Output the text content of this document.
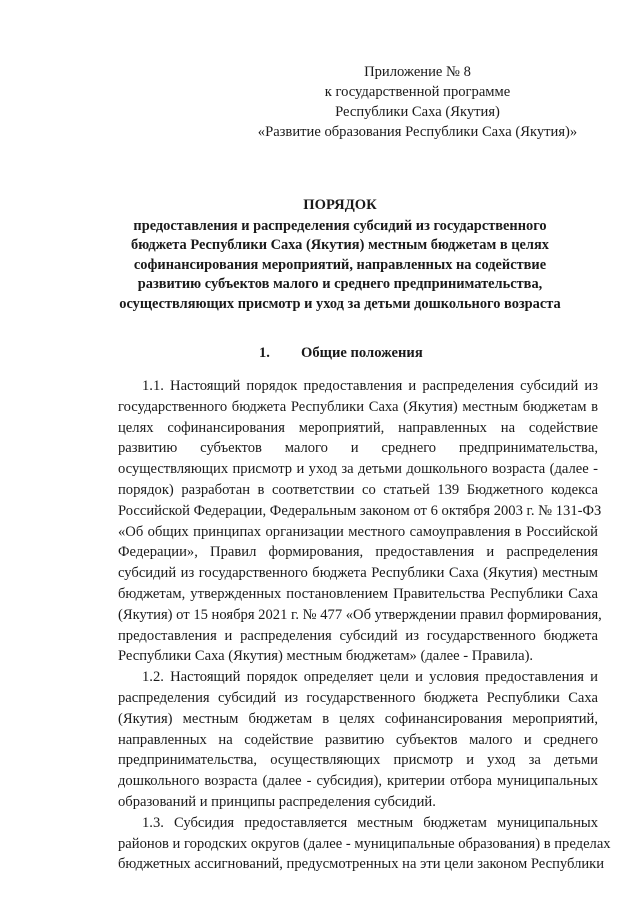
Приложение № 8
к государственной программе
Республики Саха (Якутия)
«Развитие образования Республики Саха (Якутия)»
ПОРЯДОК
предоставления и распределения субсидий из государственного
бюджета Республики Саха (Якутия) местным бюджетам в целях
софинансирования мероприятий, направленных на содействие
развитию субъектов малого и среднего предпринимательства,
осуществляющих присмотр и уход за детьми дошкольного возраста
1. Общие положения
1.1. Настоящий порядок предоставления и распределения субсидий из
государственного бюджета Республики Саха (Якутия) местным бюджетам в
целях софинансирования мероприятий, направленных на содействие
развитию субъектов малого и среднего предпринимательства,
осуществляющих присмотр и уход за детьми дошкольного возраста (далее -
порядок) разработан в соответствии со статьей 139 Бюджетного кодекса
Российской Федерации, Федеральным законом от 6 октября 2003 г. № 131-ФЗ
«Об общих принципах организации местного самоуправления в Российской
Федерации», Правил формирования, предоставления и распределения
субсидий из государственного бюджета Республики Саха (Якутия) местным
бюджетам, утвержденных постановлением Правительства Республики Саха
(Якутия) от 15 ноября 2021 г. № 477 «Об утверждении правил формирования,
предоставления и распределения субсидий из государственного бюджета
Республики Саха (Якутия) местным бюджетам» (далее - Правила).
1.2. Настоящий порядок определяет цели и условия предоставления и
распределения субсидий из государственного бюджета Республики Саха
(Якутия) местным бюджетам в целях софинансирования мероприятий,
направленных на содействие развитию субъектов малого и среднего
предпринимательства, осуществляющих присмотр и уход за детьми
дошкольного возраста (далее - субсидия), критерии отбора муниципальных
образований и принципы распределения субсидий.
1.3. Субсидия предоставляется местным бюджетам муниципальных
районов и городских округов (далее - муниципальные образования) в пределах
бюджетных ассигнований, предусмотренных на эти цели законом Республики
